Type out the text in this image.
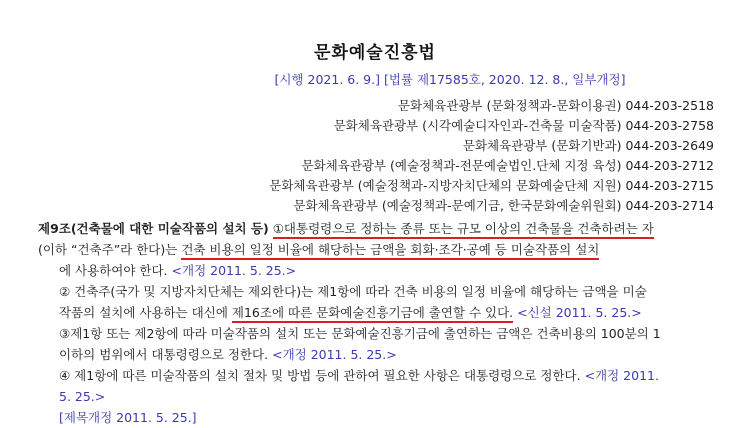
문화예술진흥법
[시행 2021. 6. 9.] [법률 제17585호, 2020. 12. 8., 일부개정]
문화체육관광부 (문화정책과-문화이용권) 044-203-2518
문화체육관광부 (시각예술디자인과-건축물 미술작품) 044-203-2758
문화체육관광부 (문화기반과) 044-203-2649
문화체육관광부 (예술정책과-전문예술법인.단체 지정 육성) 044-203-2712
문화체육관광부 (예술정책과-지방자치단체의 문화예술단체 지원) 044-203-2715
문화체육관광부 (예술정책과-문예기금, 한국문화예술위원회) 044-203-2714
제9조(건축물에 대한 미술작품의 설치 등) ①대통령령으로 정하는 종류 또는 규모 이상의 건축물을 건축하려는 자
(이하 “건축주”라 한다)는 건축 비용의 일정 비율에 해당하는 금액을 회화·조각·공예 등 미술작품의 설치
에 사용하여야 한다. <개정 2011. 5. 25.>
② 건축주(국가 및 지방자치단체는 제외한다)는 제1항에 따라 건축 비용의 일정 비율에 해당하는 금액을 미술
작품의 설치에 사용하는 대신에 제16조에 따른 문화예술진흥기금에 출연할 수 있다. <신설 2011. 5. 25.>
③제1항 또는 제2항에 따라 미술작품의 설치 또는 문화예술진흥기금에 출연하는 금액은 건축비용의 100분의 1
이하의 범위에서 대통령령으로 정한다. <개정 2011. 5. 25.>
④ 제1항에 따른 미술작품의 설치 절차 및 방법 등에 관하여 필요한 사항은 대통령령으로 정한다. <개정 2011.
5. 25.>
[제목개정 2011. 5. 25.]
